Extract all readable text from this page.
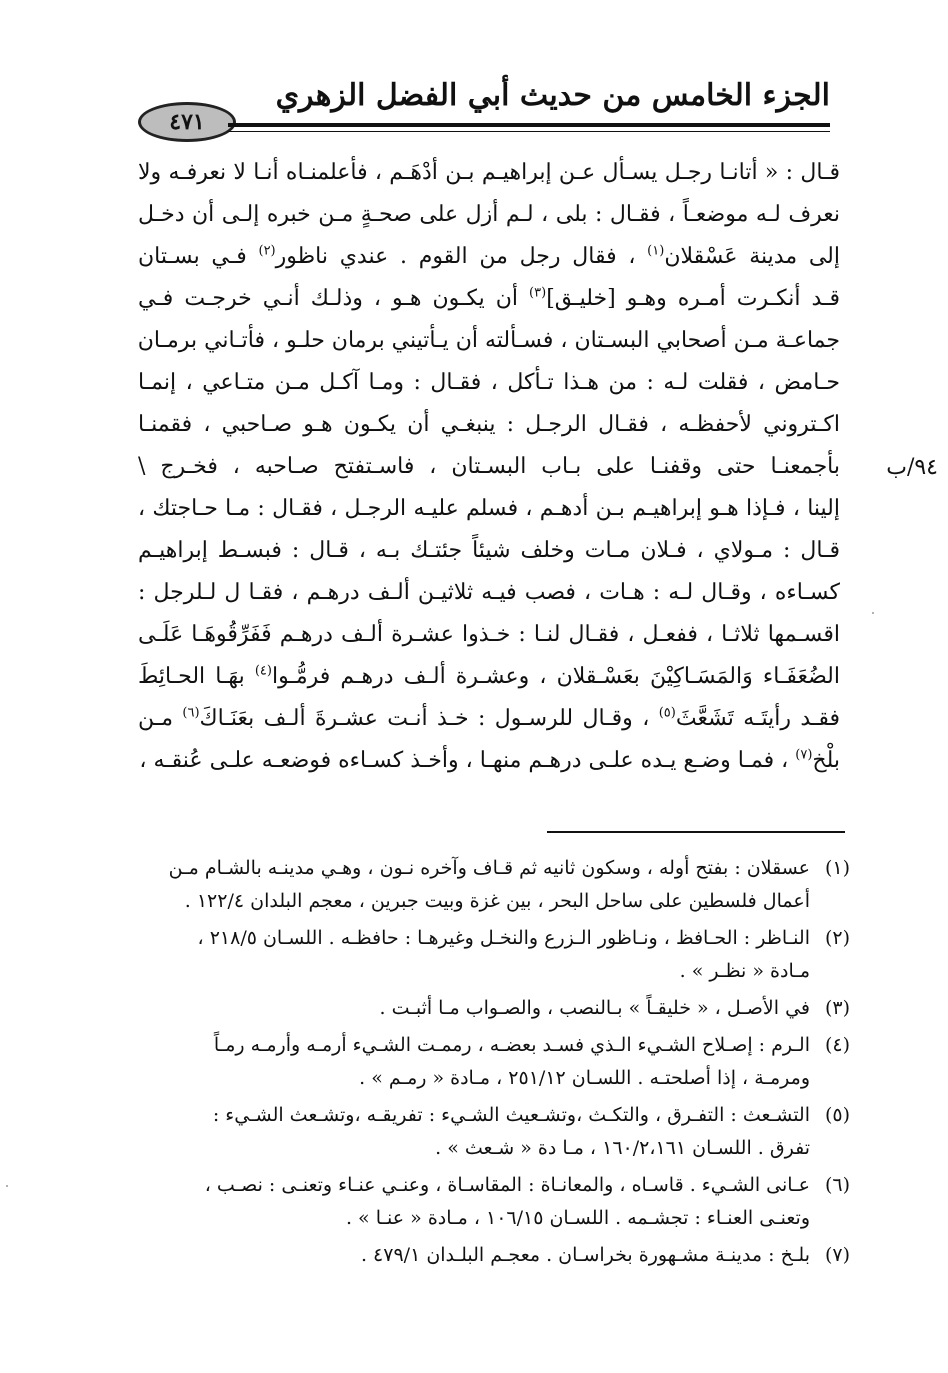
الجزء الخامس من حديث أبي الفضل الزهري
٤٧١
قـال : « أتانـا رجـل يسـأل عـن إبراهيـم بـن أدْهَـم ، فأعلمنـاه أنـا لا نعرفـه ولا
نعرف لـه موضعـاً ، فقـال : بلى ، لـم أزل على صحـةٍ مـن خبره إلـى أن دخـل
إلى مدينة عَسْقلان$^{(١)}$ ، فقال رجل من القوم . عندي ناظور$^{(٢)}$ فـي بسـتان
قـد أنكـرت أمـره وهـو [خليـق]$^{(٣)}$ أن يكـون هـو ، وذلـك أنـي خرجـت فـي
جماعـة مـن أصحابي البسـتان ، فسـألته أن يـأتيني برمان حلـو ، فأتـاني برمـان
حـامض ، فقلت لـه : من هـذا تـأكل ، فقـال : ومـا آكـل مـن متـاعي ، إنمـا
اكـتروني لأحفظـه ، فقـال الرجـل : ينبغـي أن يكـون هـو صـاحبي ، فقمنـا
بأجمعنـا حتى وقفنـا على بـاب البسـتان ، فاسـتفتح صـاحبه ، فخـرج \
إلينا ، فـإذا هـو إبراهيـم بـن أدهـم ، فسلم عليـه الرجـل ، فقـال : مـا حـاجتك ،
قـال : مـولاي ، فـلان مـات وخلف شيئاً جئتـك بـه ، قـال : فبسـط إبراهيـم
كسـاءه ، وقـال لـه : هـات ، فصب فيـه ثلاثيـن ألـف درهـم ، فقـا ل لـلرجل :
اقسـمها ثلاثـا ، ففعـل ، فقـال لنـا : خـذوا عشـرة ألـف درهـم فَفَرِّقُوهَـا عَلَـى
الضُعَفَـاء وَالمَسَـاكِيْنَ بعَسْـقلان ، وعشـرة ألـف درهـم فرمُّـوا$^{(٤)}$ بهَـا الحـائِطَ
فقـد رأيتَـه تَشَعَّثَ$^{(٥)}$ ، وقـال للرسـول : خـذ أنـت عشـرةَ ألـف بعَنَـاكَ$^{(٦)}$ مـن
بلْخ$^{(٧)}$ ، فمـا وضـع يـده علـى درهـم منهـا ، وأخـذ كسـاءه فوضعـه علـى عُنقـه ،
٩٤/ب
(١)
عسقلان : بفتح أوله ، وسكون ثانيه ثم قـاف وآخره نـون ، وهـي مدينـه بالشـام مـن
أعمال فلسطين على ساحل البحر ، بين غزة وبيت جبرين ، معجم البلدان ١٢٢/٤ .
(٢)
النـاظر : الحـافظ ، ونـاظور الـزرع والنخـل وغيرهـا : حافظـه . اللسـان ٢١٨/٥ ،
مـادة « نظـر » .
(٣)
في الأصـل ، « خليقـاً » بـالنصب ، والصـواب مـا أثبـت .
(٤)
الـرم : إصـلاح الشـيء الـذي فسـد بعضـه ، رممـت الشـيء أرمـه وأرمـه رمـاً
ومرمـة ، إذا أصلحتـه . اللسـان ٢٥١/١٢ ، مـادة « رمـم » .
(٥)
التشـعث : التفـرق ، والتكـث ،وتشـعيث الشـيء : تفريقـه ،وتشـعث الشـيء :
تفرق . اللسـان ١٦٠/٢،١٦١ ، مـا دة « شـعث » .
(٦)
عـانى الشـيء . قاسـاه ، والمعانـاة : المقاسـاة ، وعنـي عنـاء وتعنـى : نصـب ،
وتعنـى العنـاء : تجشـمه . اللسـان ١٠٦/١٥ ، مـادة « عنـا » .
(٧)
بلـخ : مدينـة مشـهورة بخراسـان . معجـم البلـدان ٤٧٩/١ .
